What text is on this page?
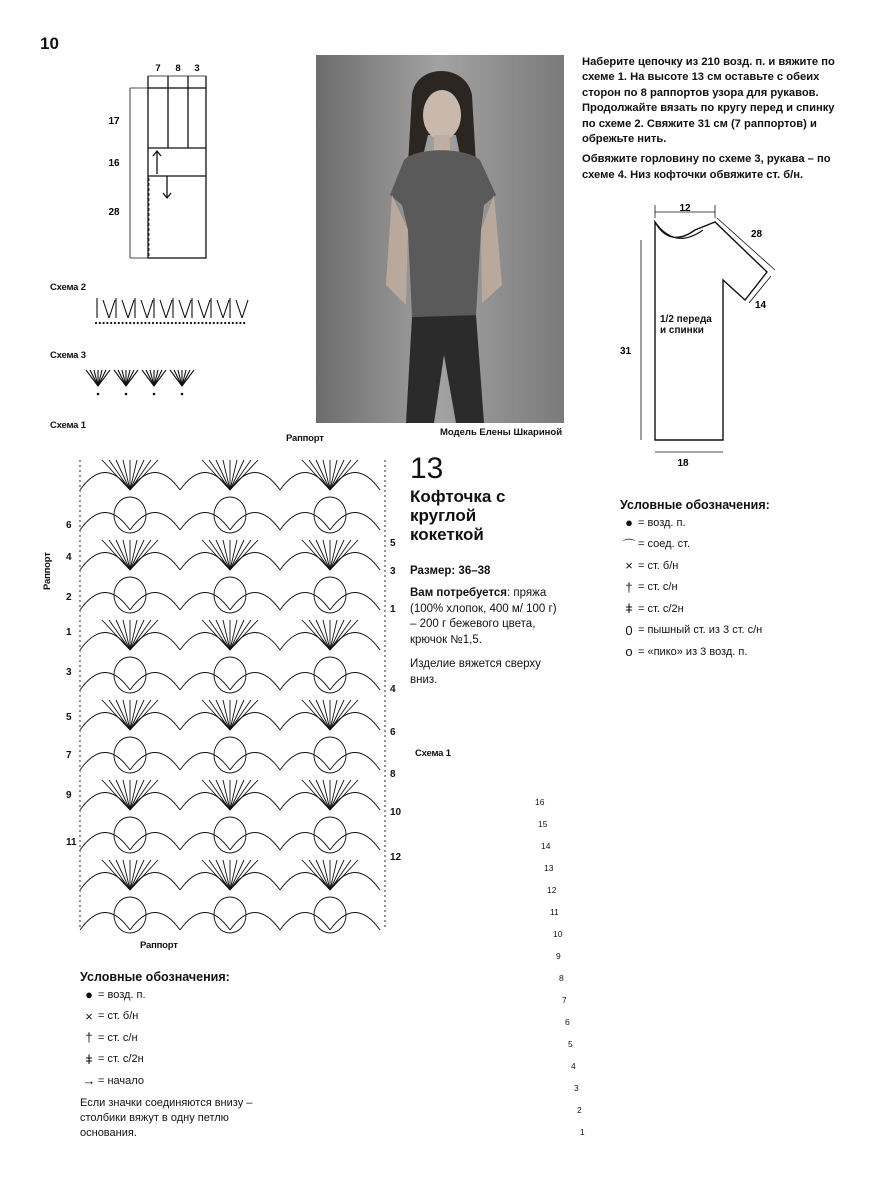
10
7 8 3
17
16
28
Схема 2
Схема 3
Модель Елены Шкариной

Наберите цепочку из 210 возд. п. и вяжите по схеме 1. На высоте 13 см оставьте с обеих сторон по 8 раппортов узора для рукавов. Продолжайте вязать по кругу перед и спинку по схеме 2. Свяжите 31 см (7 раппортов) и обрежьте нить.

Обвяжите горловину по схеме 3, рукава – по схеме 4. Низ кофточки обвяжите ст. б/н.

12
28
14
31
18
1/2 переда и спинки
13
Кофточка с круглой кокеткой
Размер: 36–38
Вам потребуется: пряжа (100% хлопок, 400 м/ 100 г) – 200 г бежевого цвета, крючок №1,5.
Изделие вяжется сверху вниз.
Схема 1
Раппорт
Раппорт
Раппорт
6
4
2
1
3
5
7
9
11
5
3
1
4
6
8
10
12
Условные обозначения:
● = возд. п.
× = ст. б/н
† = ст. с/н
ǂ = ст. с/2н
→ = начало
Если значки соединяются внизу – столбики вяжут в одну петлю основания.
Условные обозначения:
● = возд. п.
⌒ = соед. ст.
× = ст. б/н
† = ст. с/н
ǂ = ст. с/2н
0 = пышный ст. из 3 ст. с/н
o = «пико» из 3 возд. п.
Схема 1
16
15
14
13
12
11
10
9
8
7
6
5
4
3
2
1
